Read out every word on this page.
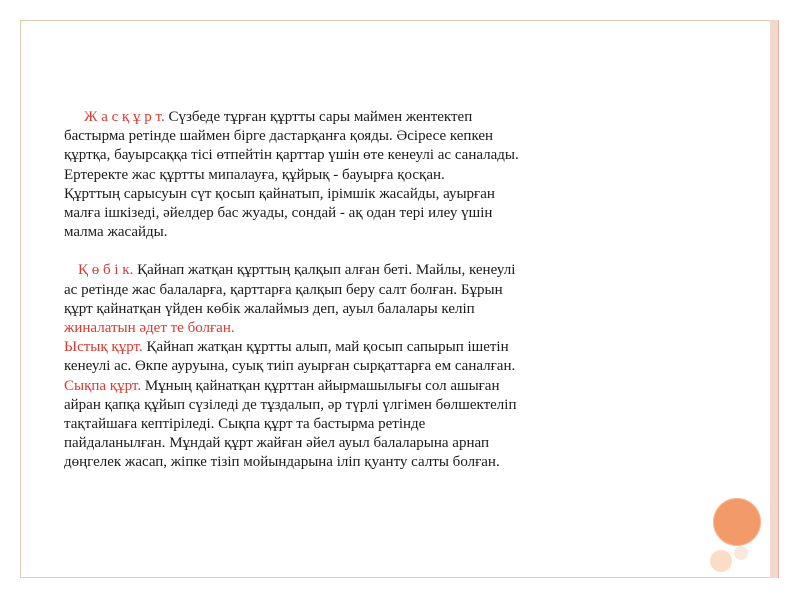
Ж а с қ ұ р т. Сүзбеде тұрған құртты сары маймен жентектеп
бастырма ретінде шаймен бірге дастарқанға қояды. Әсіресе кепкен
құртқа, бауырсаққа тісі өтпейтін қарттар үшін өте кенеулі ас саналады.
Ертеректе жас құртты мипалауға, құйрық - бауырға қосқан.
Құрттың сарысуын сүт қосып қайнатып, ірімшік жасайды, ауырған
малға ішкізеді, әйелдер бас жуады, сондай - ақ одан тері илеу үшін
малма жасайды.
Қ ө б і к. Қайнап жатқан құрттың қалқып алған беті. Майлы, кенеулі
ас ретінде жас балаларға, қарттарға қалқып беру салт болған. Бұрын
құрт қайнатқан үйден көбік жалаймыз деп, ауыл балалары келіп
жиналатын әдет те болған.
Ыстық құрт. Қайнап жатқан құртты алып, май қосып сапырып ішетін
кенеулі ас. Өкпе ауруына, суық тиіп ауырған сырқаттарға ем саналған.
Сықпа құрт. Мұның қайнатқан құрттан айырмашылығы сол ашыған
айран қапқа құйып сүзіледі де тұздалып, әр түрлі үлгімен бөлшектеліп
тақтайшаға кептіріледі. Сықпа құрт та бастырма ретінде
пайдаланылған. Мұндай құрт жайған әйел ауыл балаларына арнап
дөңгелек жасап, жіпке тізіп мойындарына іліп қуанту салты болған.
